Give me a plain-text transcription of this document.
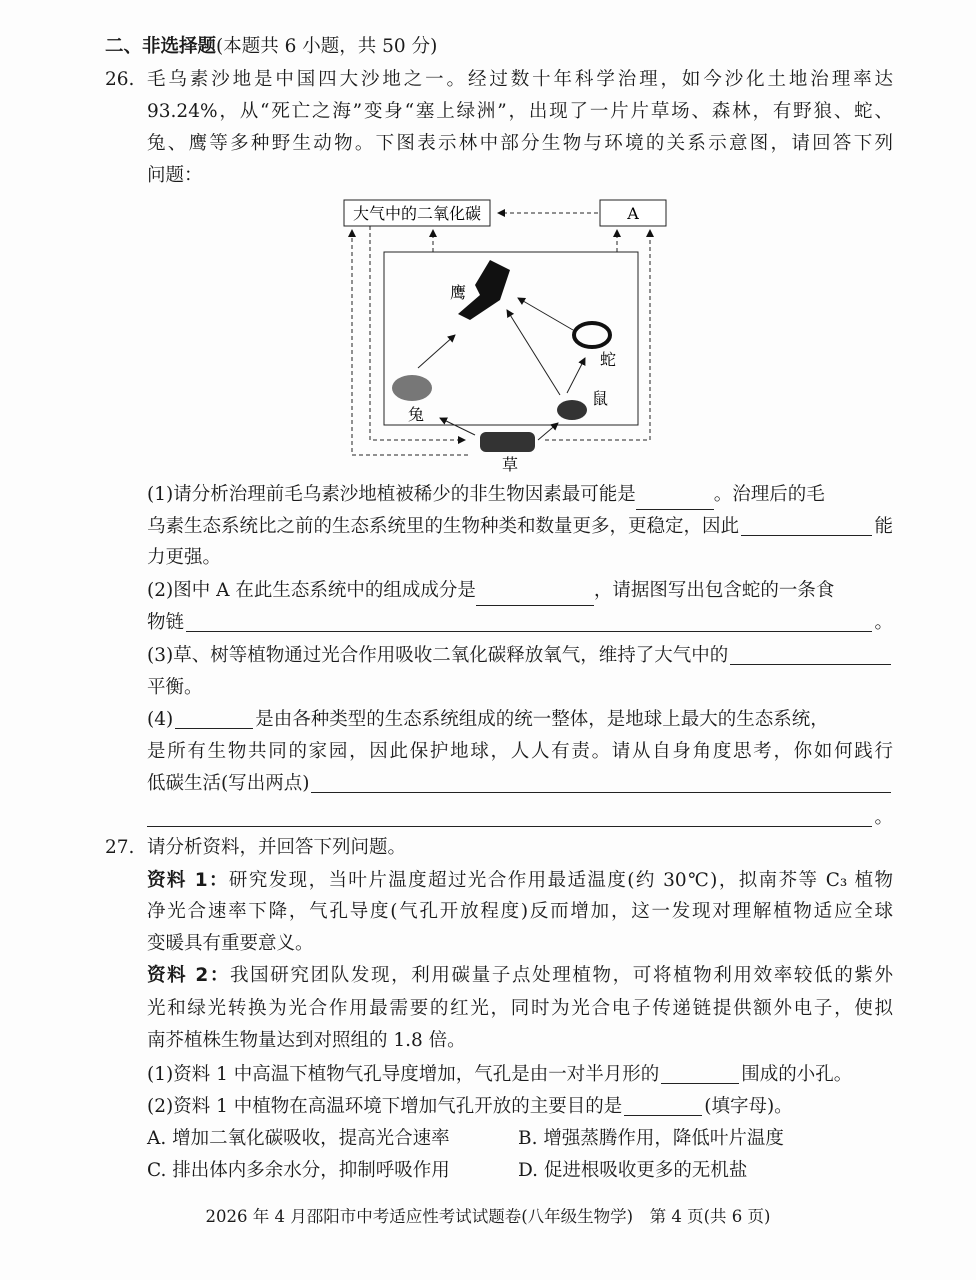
二、非选择题(本题共 6 小题，共 50 分)
26. 毛乌素沙地是中国四大沙地之一。经过数十年科学治理，如今沙化土地治理率达
93.24%，从“死亡之海”变身“塞上绿洲”，出现了一片片草场、森林，有野狼、蛇、
兔、鹰等多种野生动物。下图表示林中部分生物与环境的关系示意图，请回答下列
问题：
大气中的二氧化碳	A
鹰
蛇
兔
鼠
草
(1)请分析治理前毛乌素沙地植被稀少的非生物因素最可能是	。治理后的毛
乌素生态系统比之前的生态系统里的生物种类和数量更多，更稳定，因此	能
力更强。
(2)图中 A 在此生态系统中的组成成分是	，请据图写出包含蛇的一条食
物链	。
(3)草、树等植物通过光合作用吸收二氧化碳释放氧气，维持了大气中的
平衡。
(4)	是由各种类型的生态系统组成的统一整体，是地球上最大的生态系统，
是所有生物共同的家园，因此保护地球，人人有责。请从自身角度思考，你如何践行
低碳生活(写出两点)
。
27. 请分析资料，并回答下列问题。
资料 1：研究发现，当叶片温度超过光合作用最适温度(约 30℃)，拟南芥等 C₃ 植物
净光合速率下降，气孔导度(气孔开放程度)反而增加，这一发现对理解植物适应全球
变暖具有重要意义。
资料 2：我国研究团队发现，利用碳量子点处理植物，可将植物利用效率较低的紫外
光和绿光转换为光合作用最需要的红光，同时为光合电子传递链提供额外电子，使拟
南芥植株生物量达到对照组的 1.8 倍。
(1)资料 1 中高温下植物气孔导度增加，气孔是由一对半月形的	围成的小孔。
(2)资料 1 中植物在高温环境下增加气孔开放的主要目的是	(填字母)。
A. 增加二氧化碳吸收，提高光合速率	B. 增强蒸腾作用，降低叶片温度
C. 排出体内多余水分，抑制呼吸作用	D. 促进根吸收更多的无机盐
2026 年 4 月邵阳市中考适应性考试试题卷(八年级生物学)　第 4 页(共 6 页)
